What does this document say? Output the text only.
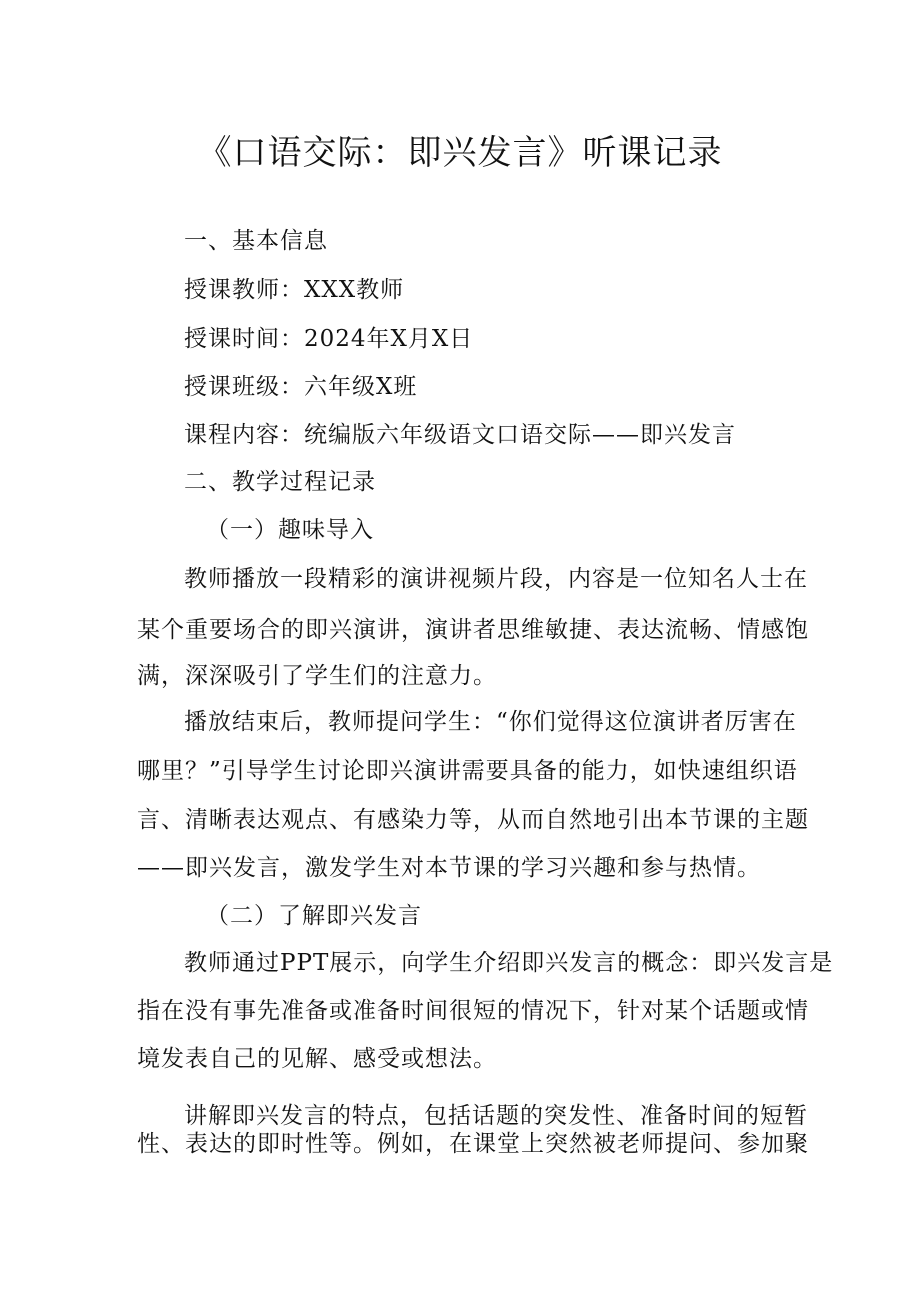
《口语交际：即兴发言》听课记录
一、基本信息
授课教师：XXX教师
授课时间：2024年X月X日
授课班级：六年级X班
课程内容：统编版六年级语文口语交际——即兴发言
二、教学过程记录
（一）趣味导入
教师播放一段精彩的演讲视频片段，内容是一位知名人士在
某个重要场合的即兴演讲，演讲者思维敏捷、表达流畅、情感饱
满，深深吸引了学生们的注意力。
播放结束后，教师提问学生：“你们觉得这位演讲者厉害在
哪里？”引导学生讨论即兴演讲需要具备的能力，如快速组织语
言、清晰表达观点、有感染力等，从而自然地引出本节课的主题
——即兴发言，激发学生对本节课的学习兴趣和参与热情。
（二）了解即兴发言
教师通过PPT展示，向学生介绍即兴发言的概念：即兴发言是
指在没有事先准备或准备时间很短的情况下，针对某个话题或情
境发表自己的见解、感受或想法。
讲解即兴发言的特点，包括话题的突发性、准备时间的短暂
性、表达的即时性等。例如，在课堂上突然被老师提问、参加聚
